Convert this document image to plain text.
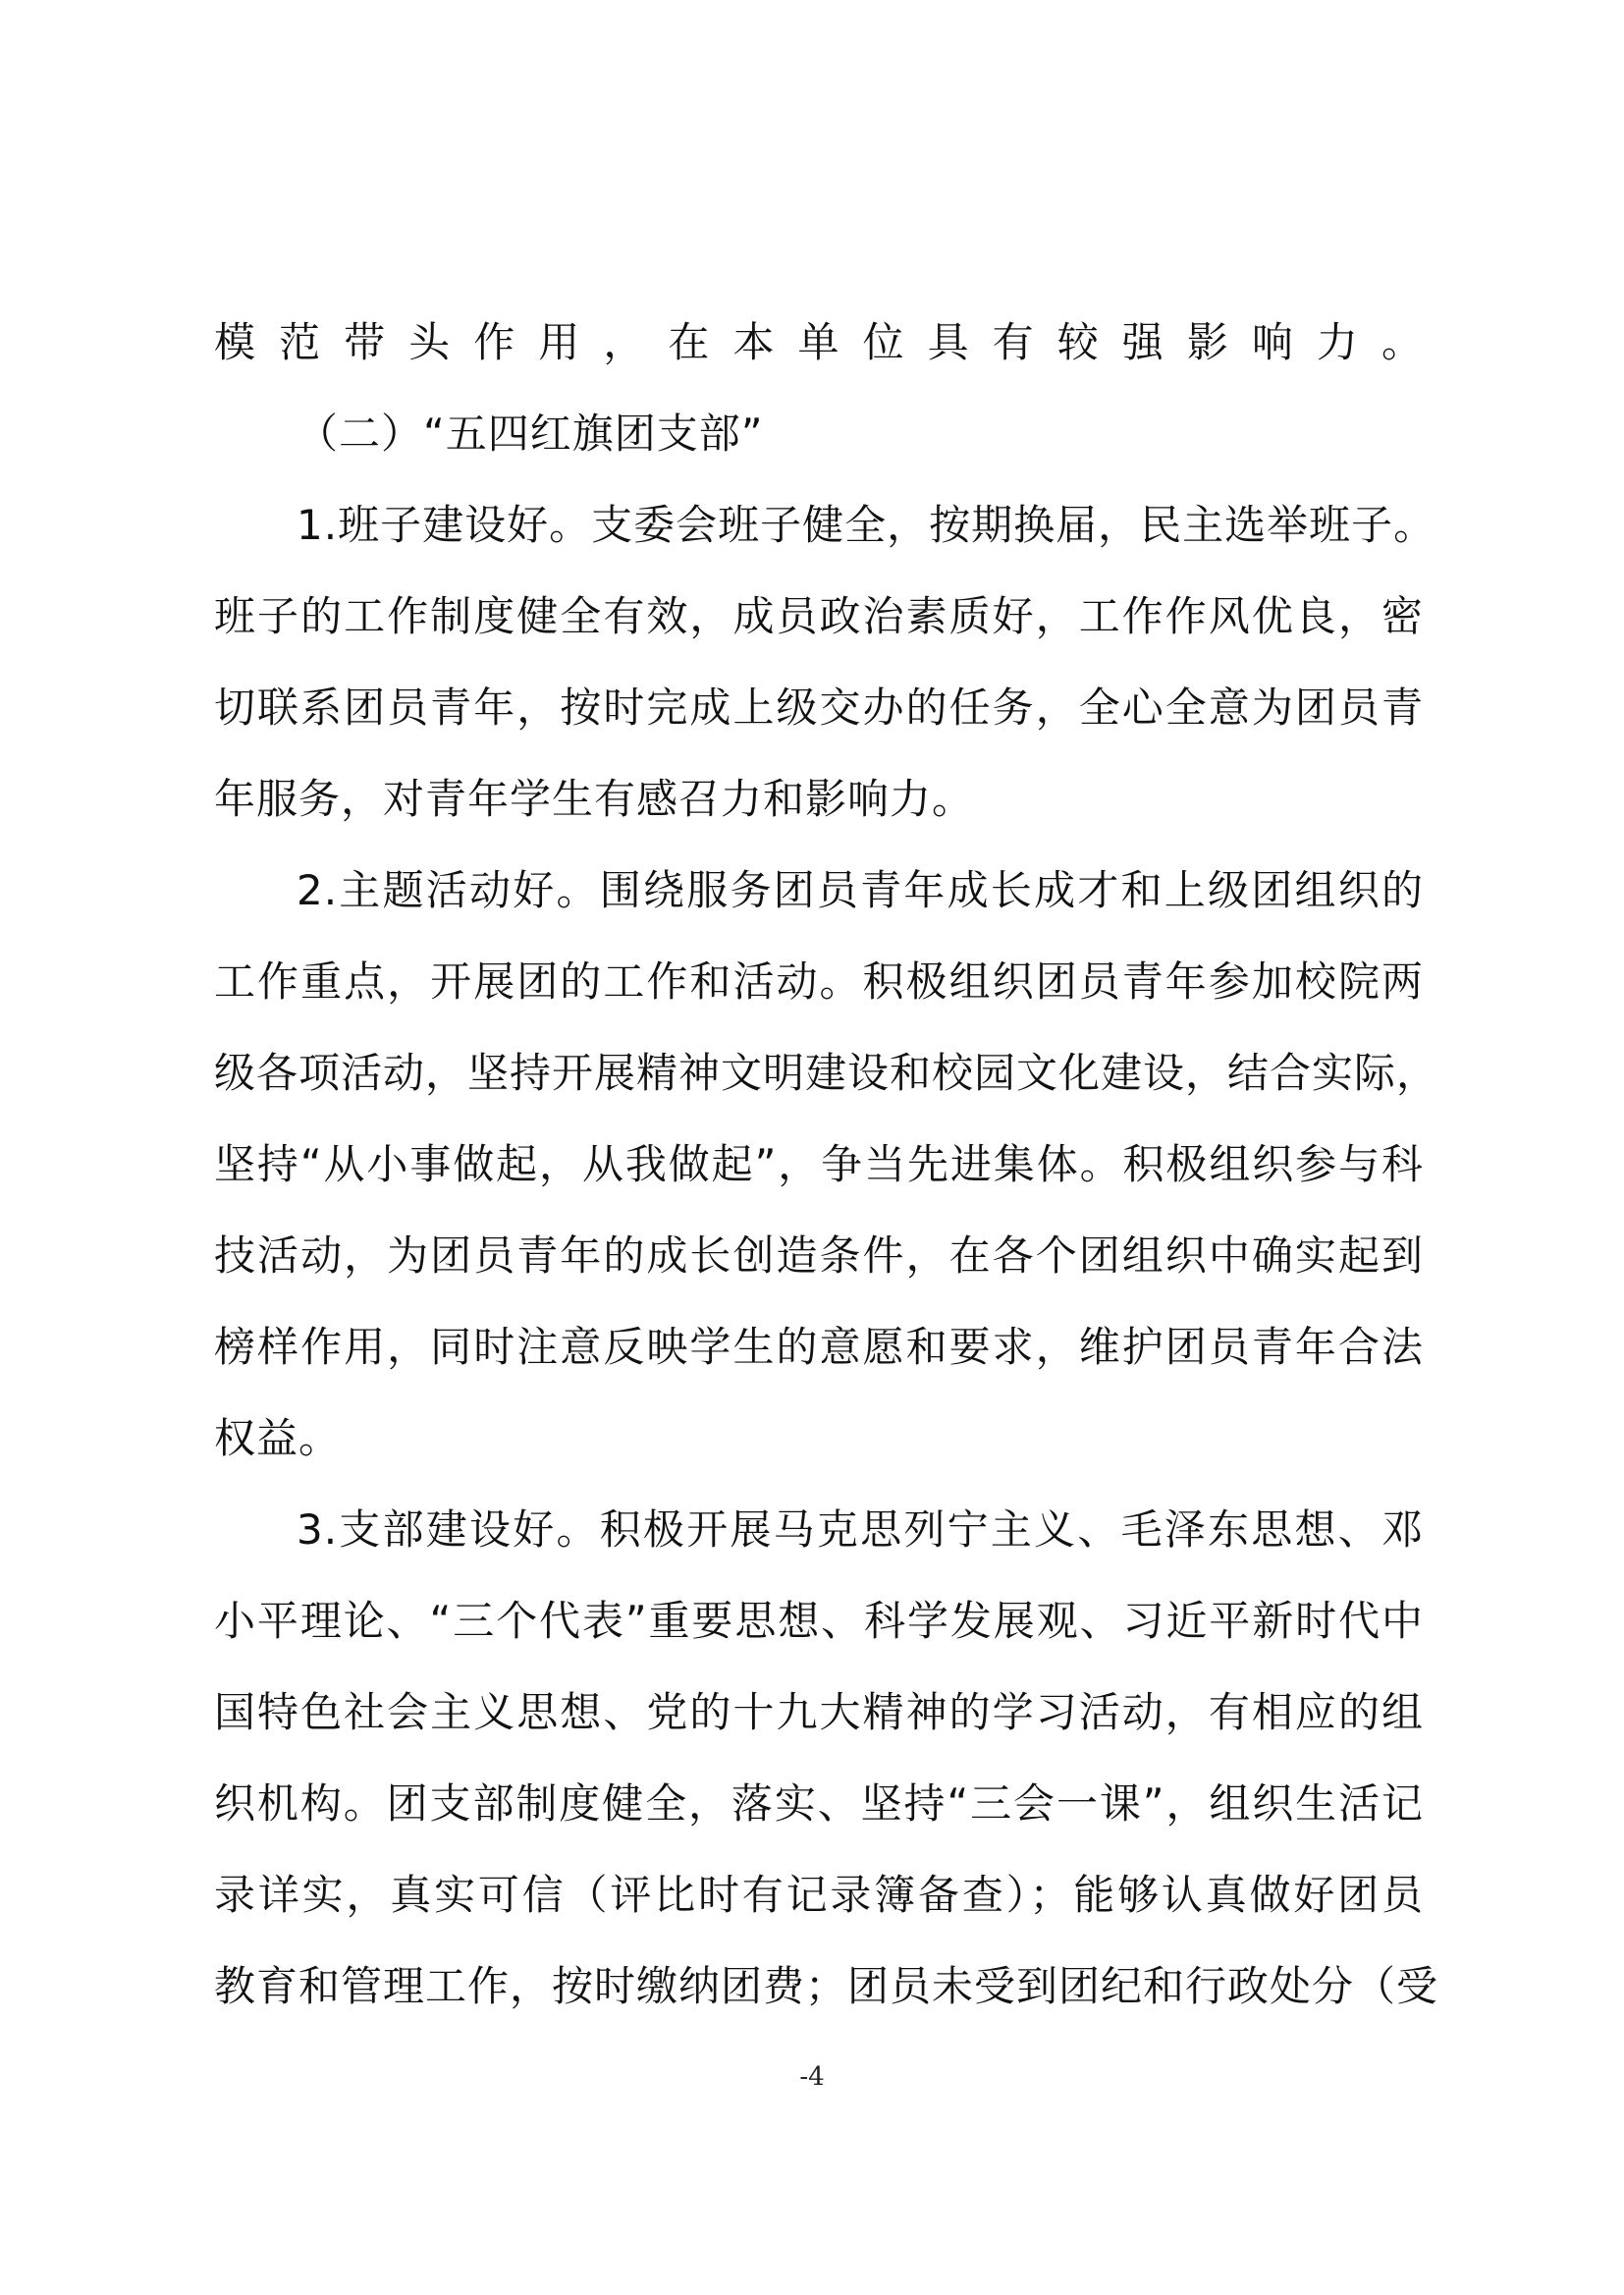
模范带头作用，在本单位具有较强影响力。
（二）“五四红旗团支部”
1.班子建设好。支委会班子健全，按期换届，民主选举班子。
班子的工作制度健全有效，成员政治素质好，工作作风优良，密
切联系团员青年，按时完成上级交办的任务，全心全意为团员青
年服务，对青年学生有感召力和影响力。
2.主题活动好。围绕服务团员青年成长成才和上级团组织的
工作重点，开展团的工作和活动。积极组织团员青年参加校院两
级各项活动，坚持开展精神文明建设和校园文化建设，结合实际，
坚持“从小事做起，从我做起”，争当先进集体。积极组织参与科
技活动，为团员青年的成长创造条件，在各个团组织中确实起到
榜样作用，同时注意反映学生的意愿和要求，维护团员青年合法
权益。
3.支部建设好。积极开展马克思列宁主义、毛泽东思想、邓
小平理论、“三个代表”重要思想、科学发展观、习近平新时代中
国特色社会主义思想、党的十九大精神的学习活动，有相应的组
织机构。团支部制度健全，落实、坚持“三会一课”，组织生活记
录详实，真实可信（评比时有记录簿备查）；能够认真做好团员
教育和管理工作，按时缴纳团费；团员未受到团纪和行政处分（受
-4
